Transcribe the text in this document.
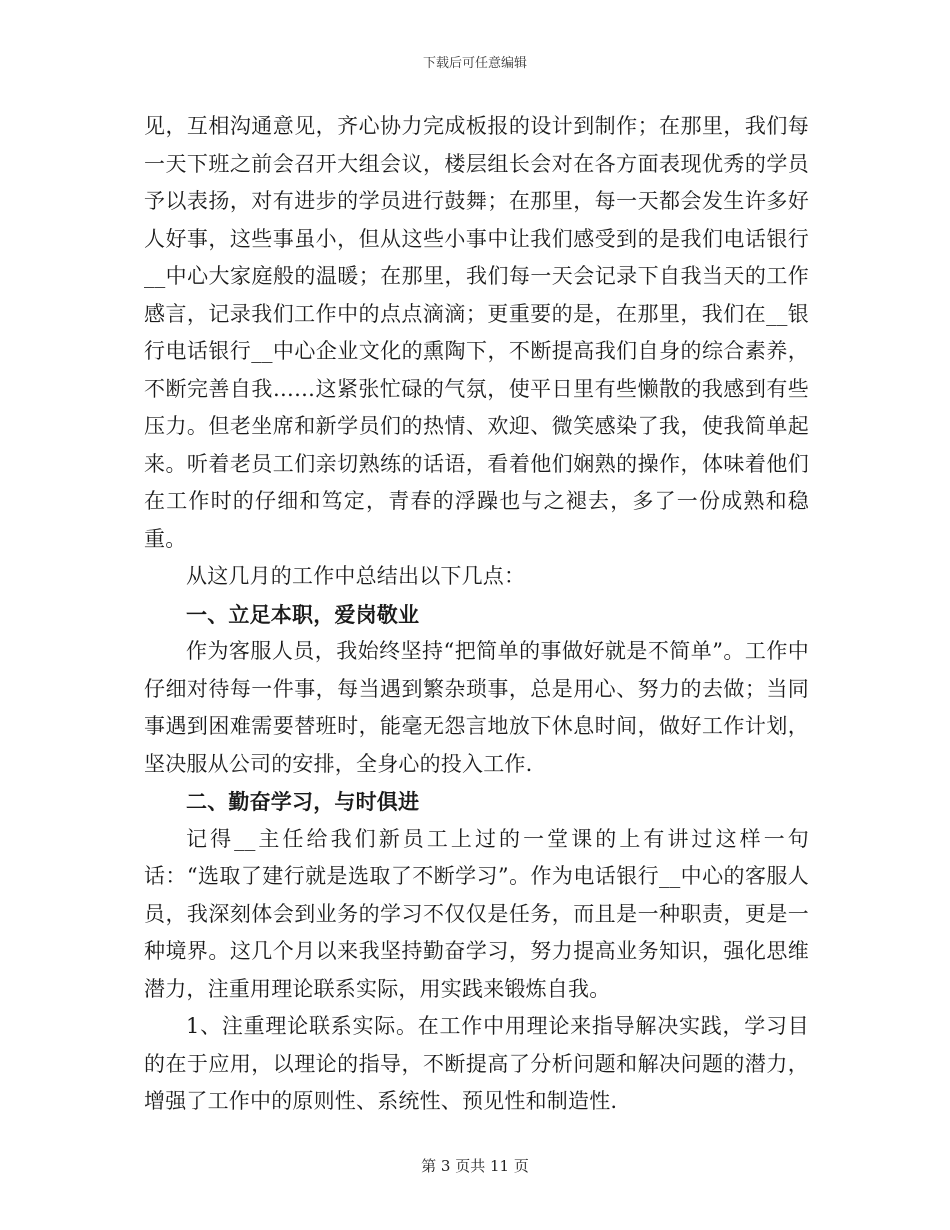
下载后可任意编辑

见，互相沟通意见，齐心协力完成板报的设计到制作；在那里，我们每一天下班之前会召开大组会议，楼层组长会对在各方面表现优秀的学员予以表扬，对有进步的学员进行鼓舞；在那里，每一天都会发生许多好人好事，这些事虽小，但从这些小事中让我们感受到的是我们电话银行__中心大家庭般的温暖；在那里，我们每一天会记录下自我当天的工作感言，记录我们工作中的点点滴滴；更重要的是，在那里，我们在__银行电话银行__中心企业文化的熏陶下，不断提高我们自身的综合素养，不断完善自我……这紧张忙碌的气氛，使平日里有些懒散的我感到有些压力。但老坐席和新学员们的热情、欢迎、微笑感染了我，使我简单起来。听着老员工们亲切熟练的话语，看着他们娴熟的操作，体味着他们在工作时的仔细和笃定，青春的浮躁也与之褪去，多了一份成熟和稳重。

从这几月的工作中总结出以下几点：

一、立足本职，爱岗敬业

作为客服人员，我始终坚持“把简单的事做好就是不简单”。工作中仔细对待每一件事，每当遇到繁杂琐事，总是用心、努力的去做；当同事遇到困难需要替班时，能毫无怨言地放下休息时间，做好工作计划，坚决服从公司的安排，全身心的投入工作.

二、勤奋学习，与时俱进

记得__主任给我们新员工上过的一堂课的上有讲过这样一句话：“选取了建行就是选取了不断学习”。作为电话银行__中心的客服人员，我深刻体会到业务的学习不仅仅是任务，而且是一种职责，更是一种境界。这几个月以来我坚持勤奋学习，努力提高业务知识，强化思维潜力，注重用理论联系实际，用实践来锻炼自我。

1、注重理论联系实际。在工作中用理论来指导解决实践，学习目的在于应用，以理论的指导，不断提高了分析问题和解决问题的潜力，增强了工作中的原则性、系统性、预见性和制造性.

第 3 页共 11 页
